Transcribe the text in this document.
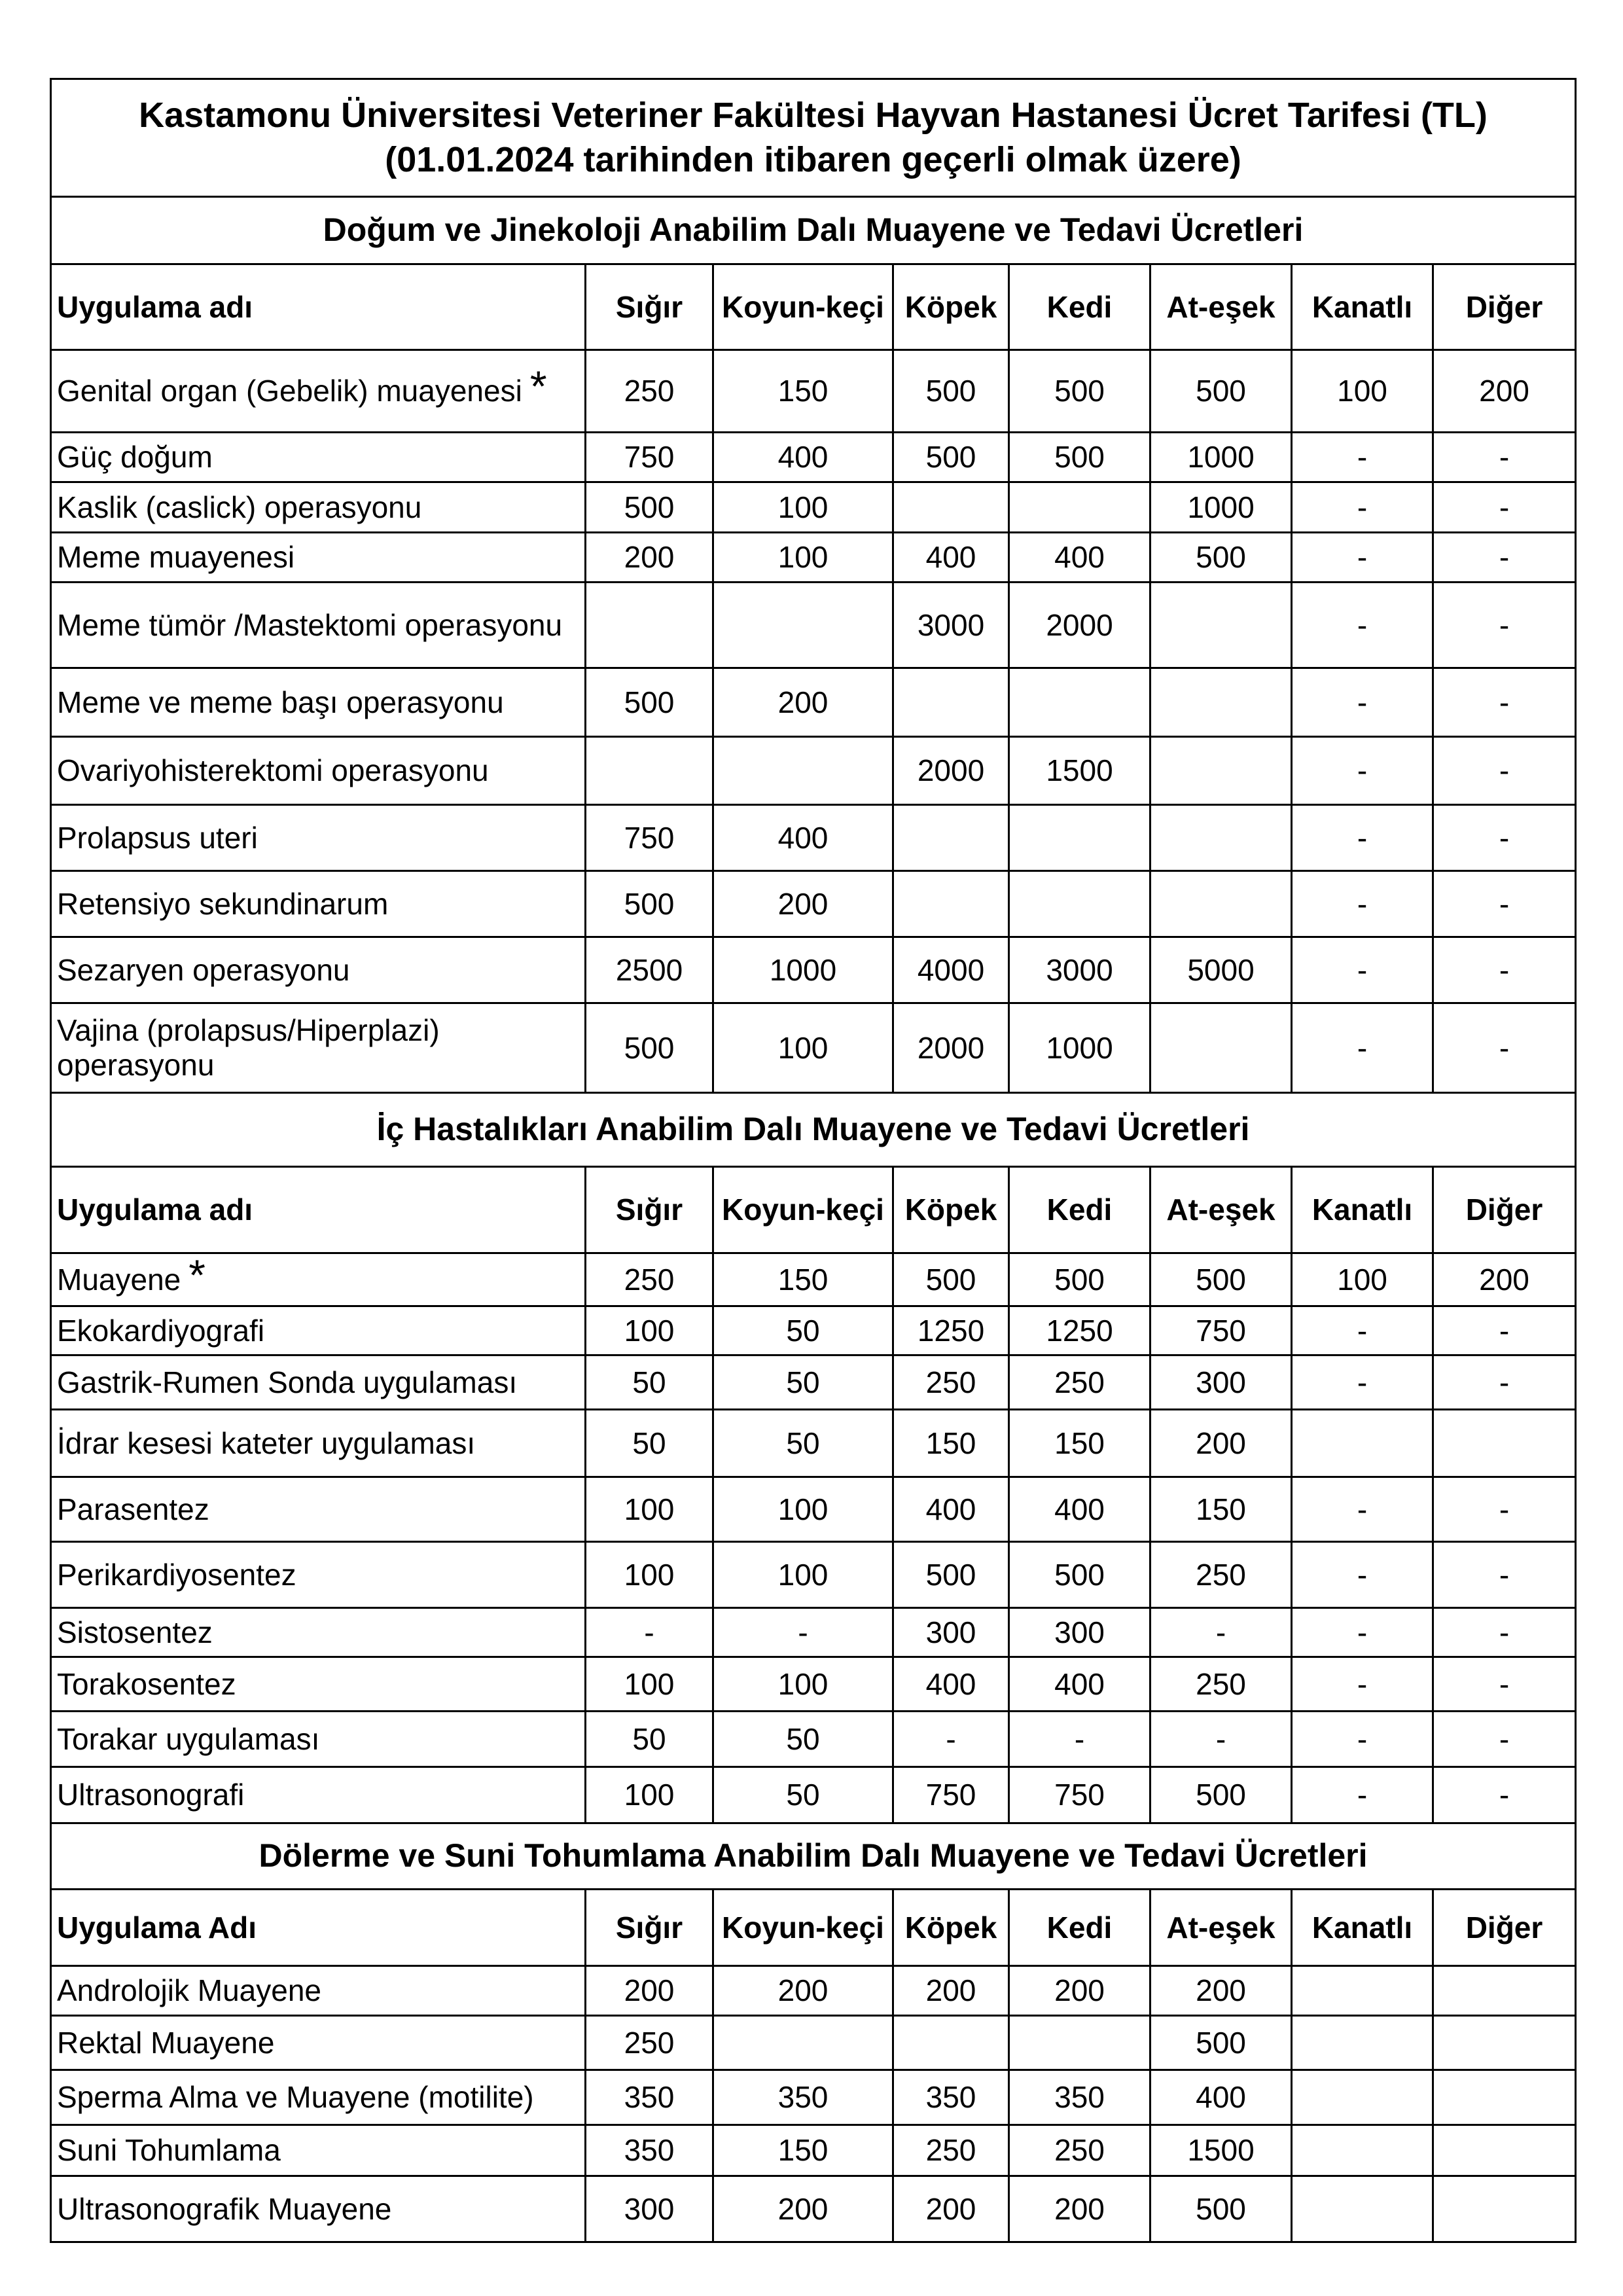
Kastamonu Üniversitesi Veteriner Fakültesi Hayvan Hastanesi Ücret Tarifesi (TL)
(01.01.2024 tarihinden itibaren geçerli olmak üzere)							

Doğum ve Jinekoloji Anabilim Dalı Muayene ve Tedavi Ücretleri							
Uygulama adı	Sığır	Koyun-keçi	Köpek	Kedi	At-eşek	Kanatlı	Diğer
Genital organ (Gebelik) muayenesi *	250	150	500	500	500	100	200
Güç doğum	750	400	500	500	1000	-	-
Kaslik (caslick) operasyonu	500	100			1000	-	-
Meme muayenesi	200	100	400	400	500	-	-
Meme tümör /Mastektomi operasyonu			3000	2000		-	-
Meme ve meme başı operasyonu	500	200				-	-
Ovariyohisterektomi operasyonu			2000	1500		-	-
Prolapsus uteri	750	400				-	-
Retensiyo sekundinarum	500	200				-	-
Sezaryen operasyonu	2500	1000	4000	3000	5000	-	-
Vajina (prolapsus/Hiperplazi) operasyonu	500	100	2000	1000		-	-
İç Hastalıkları Anabilim Dalı Muayene ve Tedavi Ücretleri							
Uygulama adı	Sığır	Koyun-keçi	Köpek	Kedi	At-eşek	Kanatlı	Diğer
Muayene *	250	150	500	500	500	100	200
Ekokardiyografi	100	50	1250	1250	750	-	-
Gastrik-Rumen Sonda uygulaması	50	50	250	250	300	-	-
İdrar kesesi kateter uygulaması	50	50	150	150	200		
Parasentez	100	100	400	400	150	-	-
Perikardiyosentez	100	100	500	500	250	-	-
Sistosentez	-	-	300	300	-	-	-
Torakosentez	100	100	400	400	250	-	-
Torakar uygulaması	50	50	-	-	-	-	-
Ultrasonografi	100	50	750	750	500	-	-
Dölerme ve Suni Tohumlama Anabilim Dalı Muayene ve Tedavi Ücretleri							
Uygulama Adı	Sığır	Koyun-keçi	Köpek	Kedi	At-eşek	Kanatlı	Diğer
Androlojik Muayene	200	200	200	200	200		
Rektal Muayene	250				500		
Sperma Alma ve Muayene (motilite)	350	350	350	350	400		
Suni Tohumlama	350	150	250	250	1500		
Ultrasonografik Muayene	300	200	200	200	500		
